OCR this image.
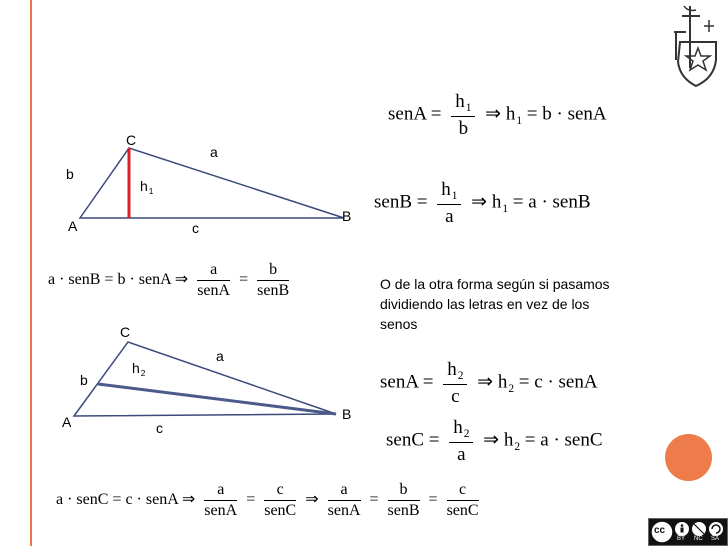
senA = $\frac{h_1}{b}$ ⇒ $h_1 = b$ · senA
senB = $\frac{h_1}{a}$ ⇒ $h_1 = a$ · senB
C
a
b
$h_1$
A	c
B
a · senB = b · senA ⇒ $\frac{a}{\text{senA}} = \frac{b}{\text{senB}}$	O de la otra forma según si pasamos dividiendo las letras en vez de los senos
C
a
b
$h_2$
A	c
B
senA = $\frac{h_2}{c}$ ⇒ $h_2 = c$ · senA
senC = $\frac{h_2}{a}$ ⇒ $h_2 = a$ · senC
a · senC = c · senA ⇒ $\frac{a}{\text{senA}} = \frac{c}{\text{senC}}$ ⇒ $\frac{a}{\text{senA}} = \frac{b}{\text{senB}} = \frac{c}{\text{senC}}$
cc
BY NC SA
